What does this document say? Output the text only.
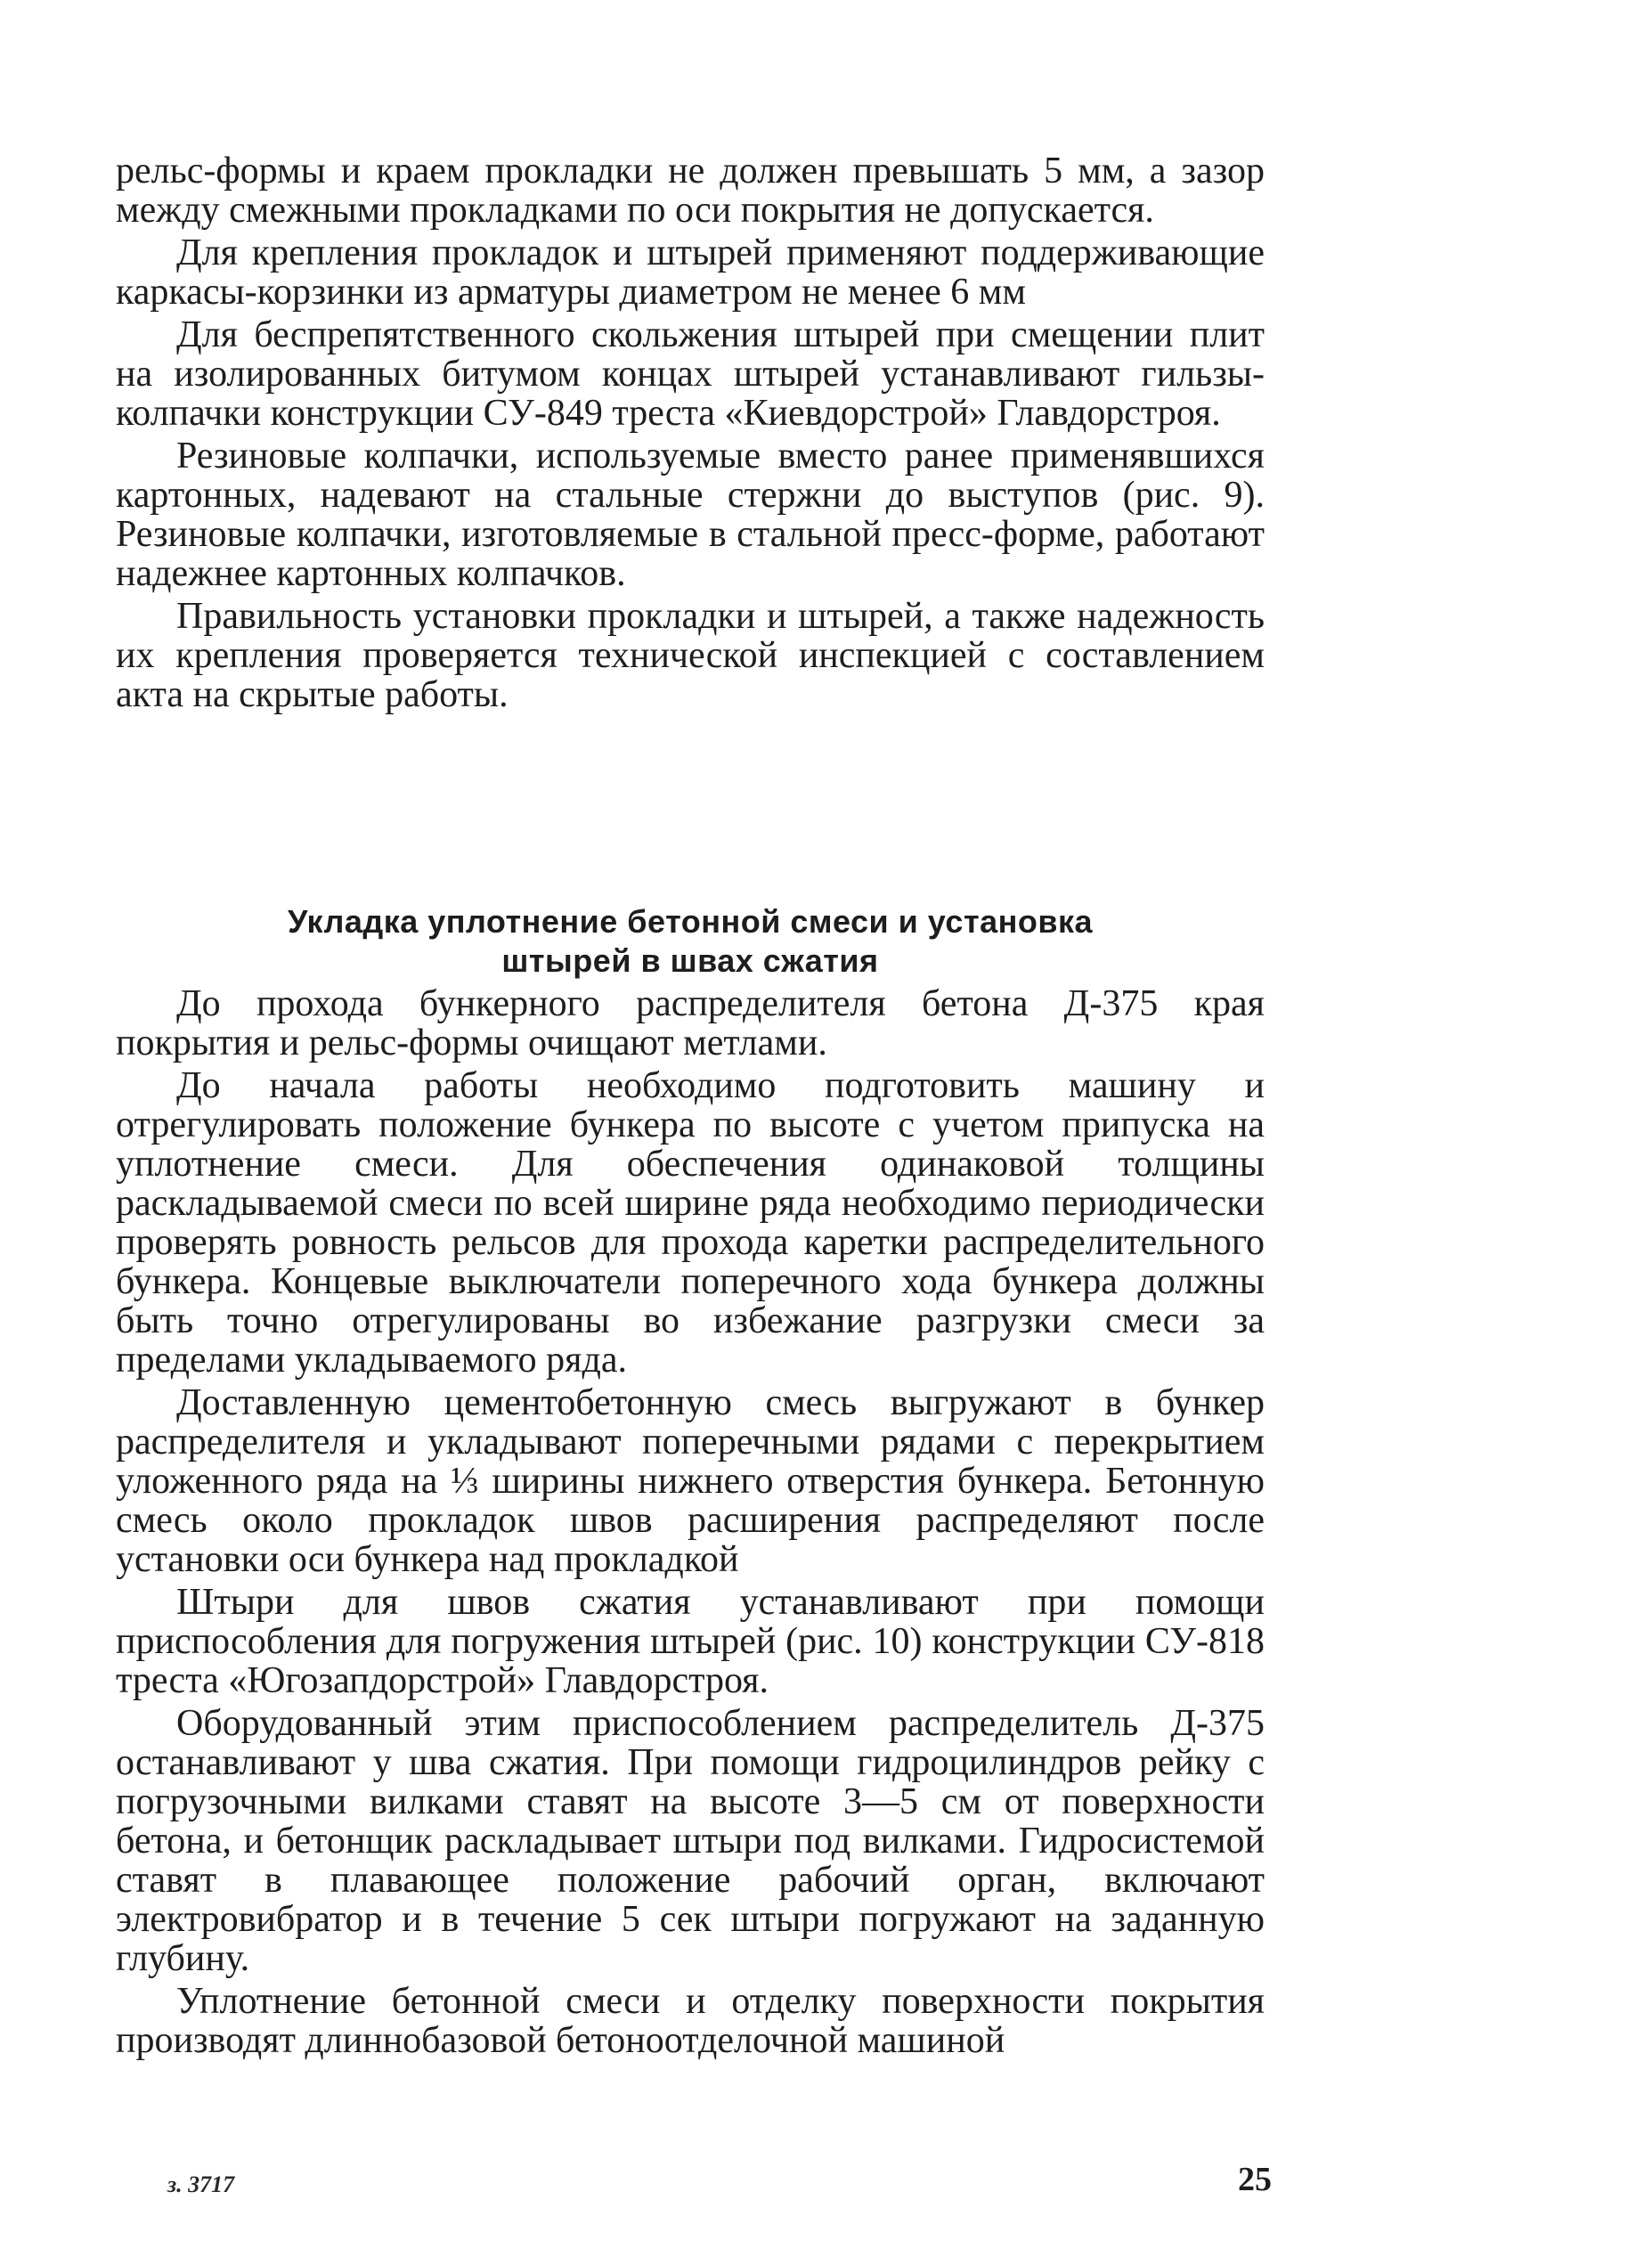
рельс-формы и краем прокладки не должен превышать 5 мм, а зазор между смежными прокладками по оси покрытия не допускается.

Для крепления прокладок и штырей применяют поддерживающие каркасы-корзинки из арматуры диаметром не менее 6 мм

Для беспрепятственного скольжения штырей при смещении плит на изолированных битумом концах штырей устанавливают гильзы-колпачки конструкции СУ-849 треста «Киевдорстрой» Главдорстроя.

Резиновые колпачки, используемые вместо ранее применявшихся картонных, надевают на стальные стержни до выступов (рис. 9). Резиновые колпачки, изготовляемые в стальной пресс-форме, работают надежнее картонных колпачков.

Правильность установки прокладки и штырей, а также надежность их крепления проверяется технической инспекцией с составлением акта на скрытые работы.

Укладка уплотнение бетонной смеси и установка
штырей в швах сжатия

До прохода бункерного распределителя бетона Д-375 края покрытия и рельс-формы очищают метлами.

До начала работы необходимо подготовить машину и отрегулировать положение бункера по высоте с учетом припуска на уплотнение смеси. Для обеспечения одинаковой толщины раскладываемой смеси по всей ширине ряда необходимо периодически проверять ровность рельсов для прохода каретки распределительного бункера. Концевые выключатели поперечного хода бункера должны быть точно отрегулированы во избежание разгрузки смеси за пределами укладываемого ряда.

Доставленную цементобетонную смесь выгружают в бункер распределителя и укладывают поперечными рядами с перекрытием уложенного ряда на ⅓ ширины нижнего отверстия бункера. Бетонную смесь около прокладок швов расширения распределяют после установки оси бункера над прокладкой

Штыри для швов сжатия устанавливают при помощи приспособления для погружения штырей (рис. 10) конструкции СУ-818 треста «Югозапдорстрой» Главдорстроя.

Оборудованный этим приспособлением распределитель Д-375 останавливают у шва сжатия. При помощи гидроцилиндров рейку с погрузочными вилками ставят на высоте 3—5 см от поверхности бетона, и бетонщик раскладывает штыри под вилками. Гидросистемой ставят в плавающее положение рабочий орган, включают электровибратор и в течение 5 сек штыри погружают на заданную глубину.

Уплотнение бетонной смеси и отделку поверхности покрытия производят длиннобазовой бетоноотделочной машиной

з. 3717	25
